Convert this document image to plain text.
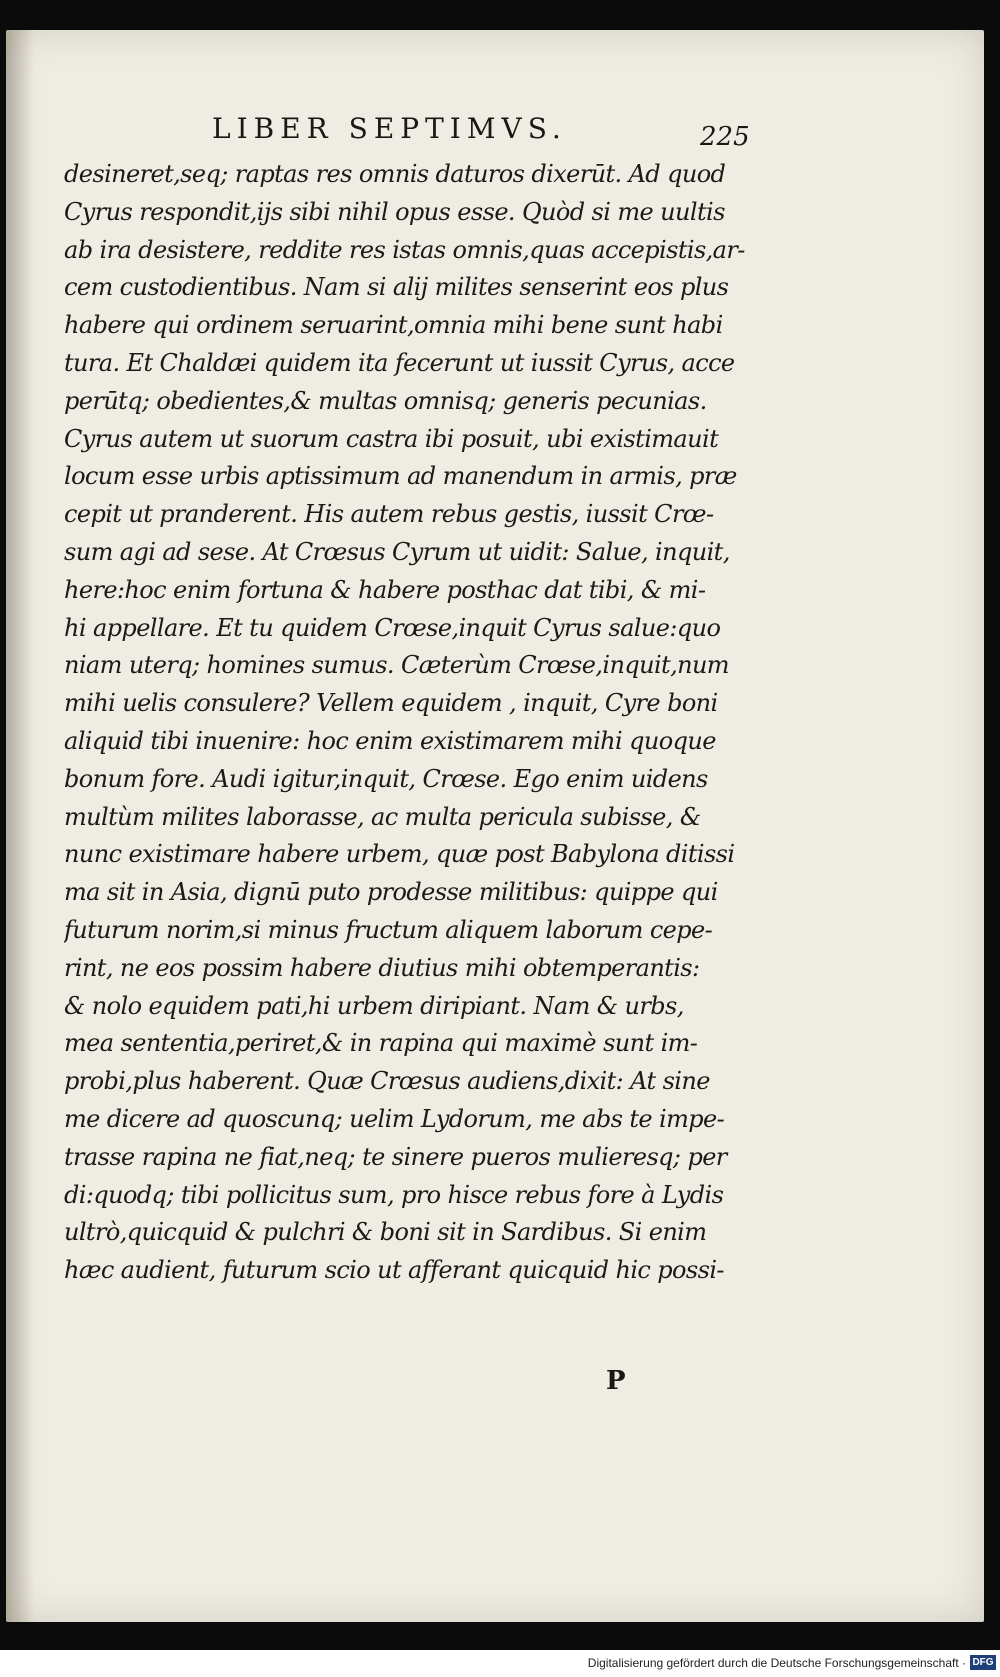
LIBER SEPTIMVS.	225
desineret,seq; raptas res omnis daturos dixerūt. Ad quod
Cyrus respondit,ijs sibi nihil opus esse. Quòd si me uultis
ab ira desistere, reddite res istas omnis,quas accepistis,ar-
cem custodientibus. Nam si alij milites senserint eos plus
habere qui ordinem seruarint,omnia mihi bene sunt habi
tura. Et Chaldæi quidem ita fecerunt ut iussit Cyrus, acce
perūtq; obedientes,& multas omnisq; generis pecunias.
Cyrus autem ut suorum castra ibi posuit, ubi existimauit
locum esse urbis aptissimum ad manendum in armis, præ
cepit ut pranderent. His autem rebus gestis, iussit Crœ-
sum agi ad sese. At Crœsus Cyrum ut uidit: Salue, inquit,
here:hoc enim fortuna & habere posthac dat tibi, & mi-
hi appellare. Et tu quidem Crœse,inquit Cyrus salue:quo
niam uterq; homines sumus. Cæterùm Crœse,inquit,num
mihi uelis consulere? Vellem equidem , inquit, Cyre boni
aliquid tibi inuenire: hoc enim existimarem mihi quoque
bonum fore. Audi igitur,inquit, Crœse. Ego enim uidens
multùm milites laborasse, ac multa pericula subisse, &
nunc existimare habere urbem, quæ post Babylona ditissi
ma sit in Asia, dignū puto prodesse militibus: quippe qui
futurum norim,si minus fructum aliquem laborum cepe-
rint, ne eos possim habere diutius mihi obtemperantis:
& nolo equidem pati,hi urbem diripiant. Nam & urbs,
mea sententia,periret,& in rapina qui maximè sunt im-
probi,plus haberent. Quæ Crœsus audiens,dixit: At sine
me dicere ad quoscunq; uelim Lydorum, me abs te impe-
trasse rapina ne fiat,neq; te sinere pueros mulieresq; per
di:quodq; tibi pollicitus sum, pro hisce rebus fore à Lydis
ultrò,quicquid & pulchri & boni sit in Sardibus. Si enim
hæc audient, futurum scio ut afferant quicquid hic possi-
P
Digitalisierung gefördert durch die Deutsche Forschungsgemeinschaft · DFG
